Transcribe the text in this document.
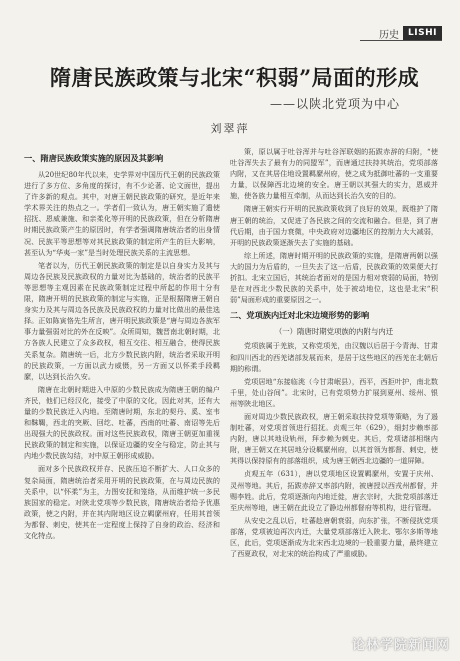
历史	LISHI
隋唐民族政策与北宋“积弱”局面的形成
——以陕北党项为中心
刘翠萍
一、隋唐民族政策实施的原因及其影响

从20世纪80年代以来，史学界对中国历代王朝的民族政策进行了多方位、多角度的探讨，有不少论著、论文面世，提出了许多新的观点。其中，对唐王朝民族政策的研究，是近年来学术界关注的热点之一。学者们一致认为，唐王朝实施了遣使招抚、恩威兼施、和亲柔化等开明的民族政策，但在分析隋唐时期民族政策产生的原因时，有学者强调隋唐统治者的出身情况、民族平等思想等对其民族政策的制定所产生的巨大影响，甚至认为“华夷一家”是当时处理民族关系的主流思想。

笔者以为，历代王朝民族政策的制定是以自身实力及其与周边各民族及民族政权的力量对比为基础的，统治者的民族平等思想等主观因素在民族政策制定过程中所起的作用十分有限，隋唐开明的民族政策的制定与实施，正是根据隋唐王朝自身实力及其与周边各民族及民族政权的力量对比做出的最佳选择。正如陈寅恪先生所言，唐开明民族政策是“唐与周边各族军事力量强弱对比的外在反映”。众所周知，魏晋南北朝时期，北方各族人民建立了众多政权，相互交往、相互融合，使得民族关系复杂。隋唐统一后，北方少数民族内附，统治者采取开明的民族政策，一方面以武力威慑，另一方面又以怀柔手段羁縻，以达到长治久安。

隋唐在北朝时期进入中原的少数民族成为隋唐王朝的编户齐民，他们已经汉化，接受了中原的文化，因此对其，还有大量的少数民族迁入内地。至隋唐时期，东北的契丹、奚、室韦和靺鞨，西北的突厥、回纥、吐蕃，西南的吐蕃、南诏等先后出现强大的民族政权。面对这些民族政权，隋唐王朝更加重视民族政策的制定和实施，以保证边疆的安全与稳定，防止其与内地少数民族勾结，对中原王朝形成威胁。

面对多个民族政权并存、民族压迫不断扩大、人口众多的复杂局面，隋唐统治者采用开明的民族政策，在与周边民族的关系中，以“怀柔”为主，力图安抚和笼络，从而维护统一多民族国家的稳定。对陕北党项等少数民族，隋唐统治者给予优惠政策，使之内附，并在其内附地区设立羁縻州府，任用其首领为都督、刺史，使其在一定程度上保持了自身的政治、经济和文化特点。

策，原以属于吐谷浑并与吐谷浑联姻的拓跋赤辞的归附，“使吐谷浑失去了最有力的同盟军”，而唐通过扶持其统治，党项部落内附，又在其居住地设置羁縻州府，使之成为抵御吐蕃的一支重要力量，以保障西北边境的安全。唐王朝以其强大的实力，恩威并施，使各族力量相互牵制，从而达到长治久安的目的。

隋唐王朝实行开明的民族政策收到了良好的效果，既维护了隋唐王朝的统治，又促进了各民族之间的交流和融合。但是，到了唐代后期，由于国力衰微，中央政府对边疆地区的控制力大大减弱，开明的民族政策逐渐失去了实施的基础。

综上所述，隋唐时期开明的民族政策的实施，是隋唐两朝以强大的国力为后盾的，一旦失去了这一后盾，民族政策的效果便大打折扣。北宋立国后，其统治者面对的是国力相对衰弱的局面，特别是在对西北少数民族的关系中，处于被动地位，这也是北宋“积弱”局面形成的重要原因之一。

二、党项族内迁对北宋边境形势的影响
（一）隋唐时期党项族的内附与内迁

党项族属于羌族，又称党项羌，由汉魏以后居于今青海、甘肃和四川西北的西羌诸部发展而来，是居于这些地区的西羌在北朝后期的称谓。

党项居地“东接临洮（今甘肃岷县），西平，西拒叶护，南北数千里，处山谷间”。北宋时，已有党项势力扩展到夏州、绥州、银州等陕北地区。

面对周边少数民族政权，唐王朝采取扶持党项等策略，为了遏制吐蕃，对党项首领进行招抚。贞观三年（629），细封步赖率部内附，唐以其地设轨州，拜步赖为刺史。其后，党项诸部相继内附，唐王朝又在其居地分设羁縻州府，以其首领为都督、刺史，使其得以保持原有的部落组织，成为唐王朝西北边疆的一道屏障。

贞观五年（631），唐以党项地区设置羁縻州，安置于庆州、灵州等地。其后，拓跋赤辞又率部内附，被唐授以西戎州都督，并赐李姓。此后，党项逐渐向内地迁徙，唐玄宗时，大批党项部落迁至庆州等地，唐王朝在此设立了静边州都督府等机构，进行管理。

从安史之乱以后，吐蕃趁唐朝衰弱，向东扩张，不断侵扰党项部落，党项被迫再次内迁，大量党项部落迁入陕北、鄂尔多斯等地区，此后，党项逐渐成为北宋西北边境的一股重要力量，最终建立了西夏政权，对北宋的统治构成了严重威胁。

论林学院新闻网
